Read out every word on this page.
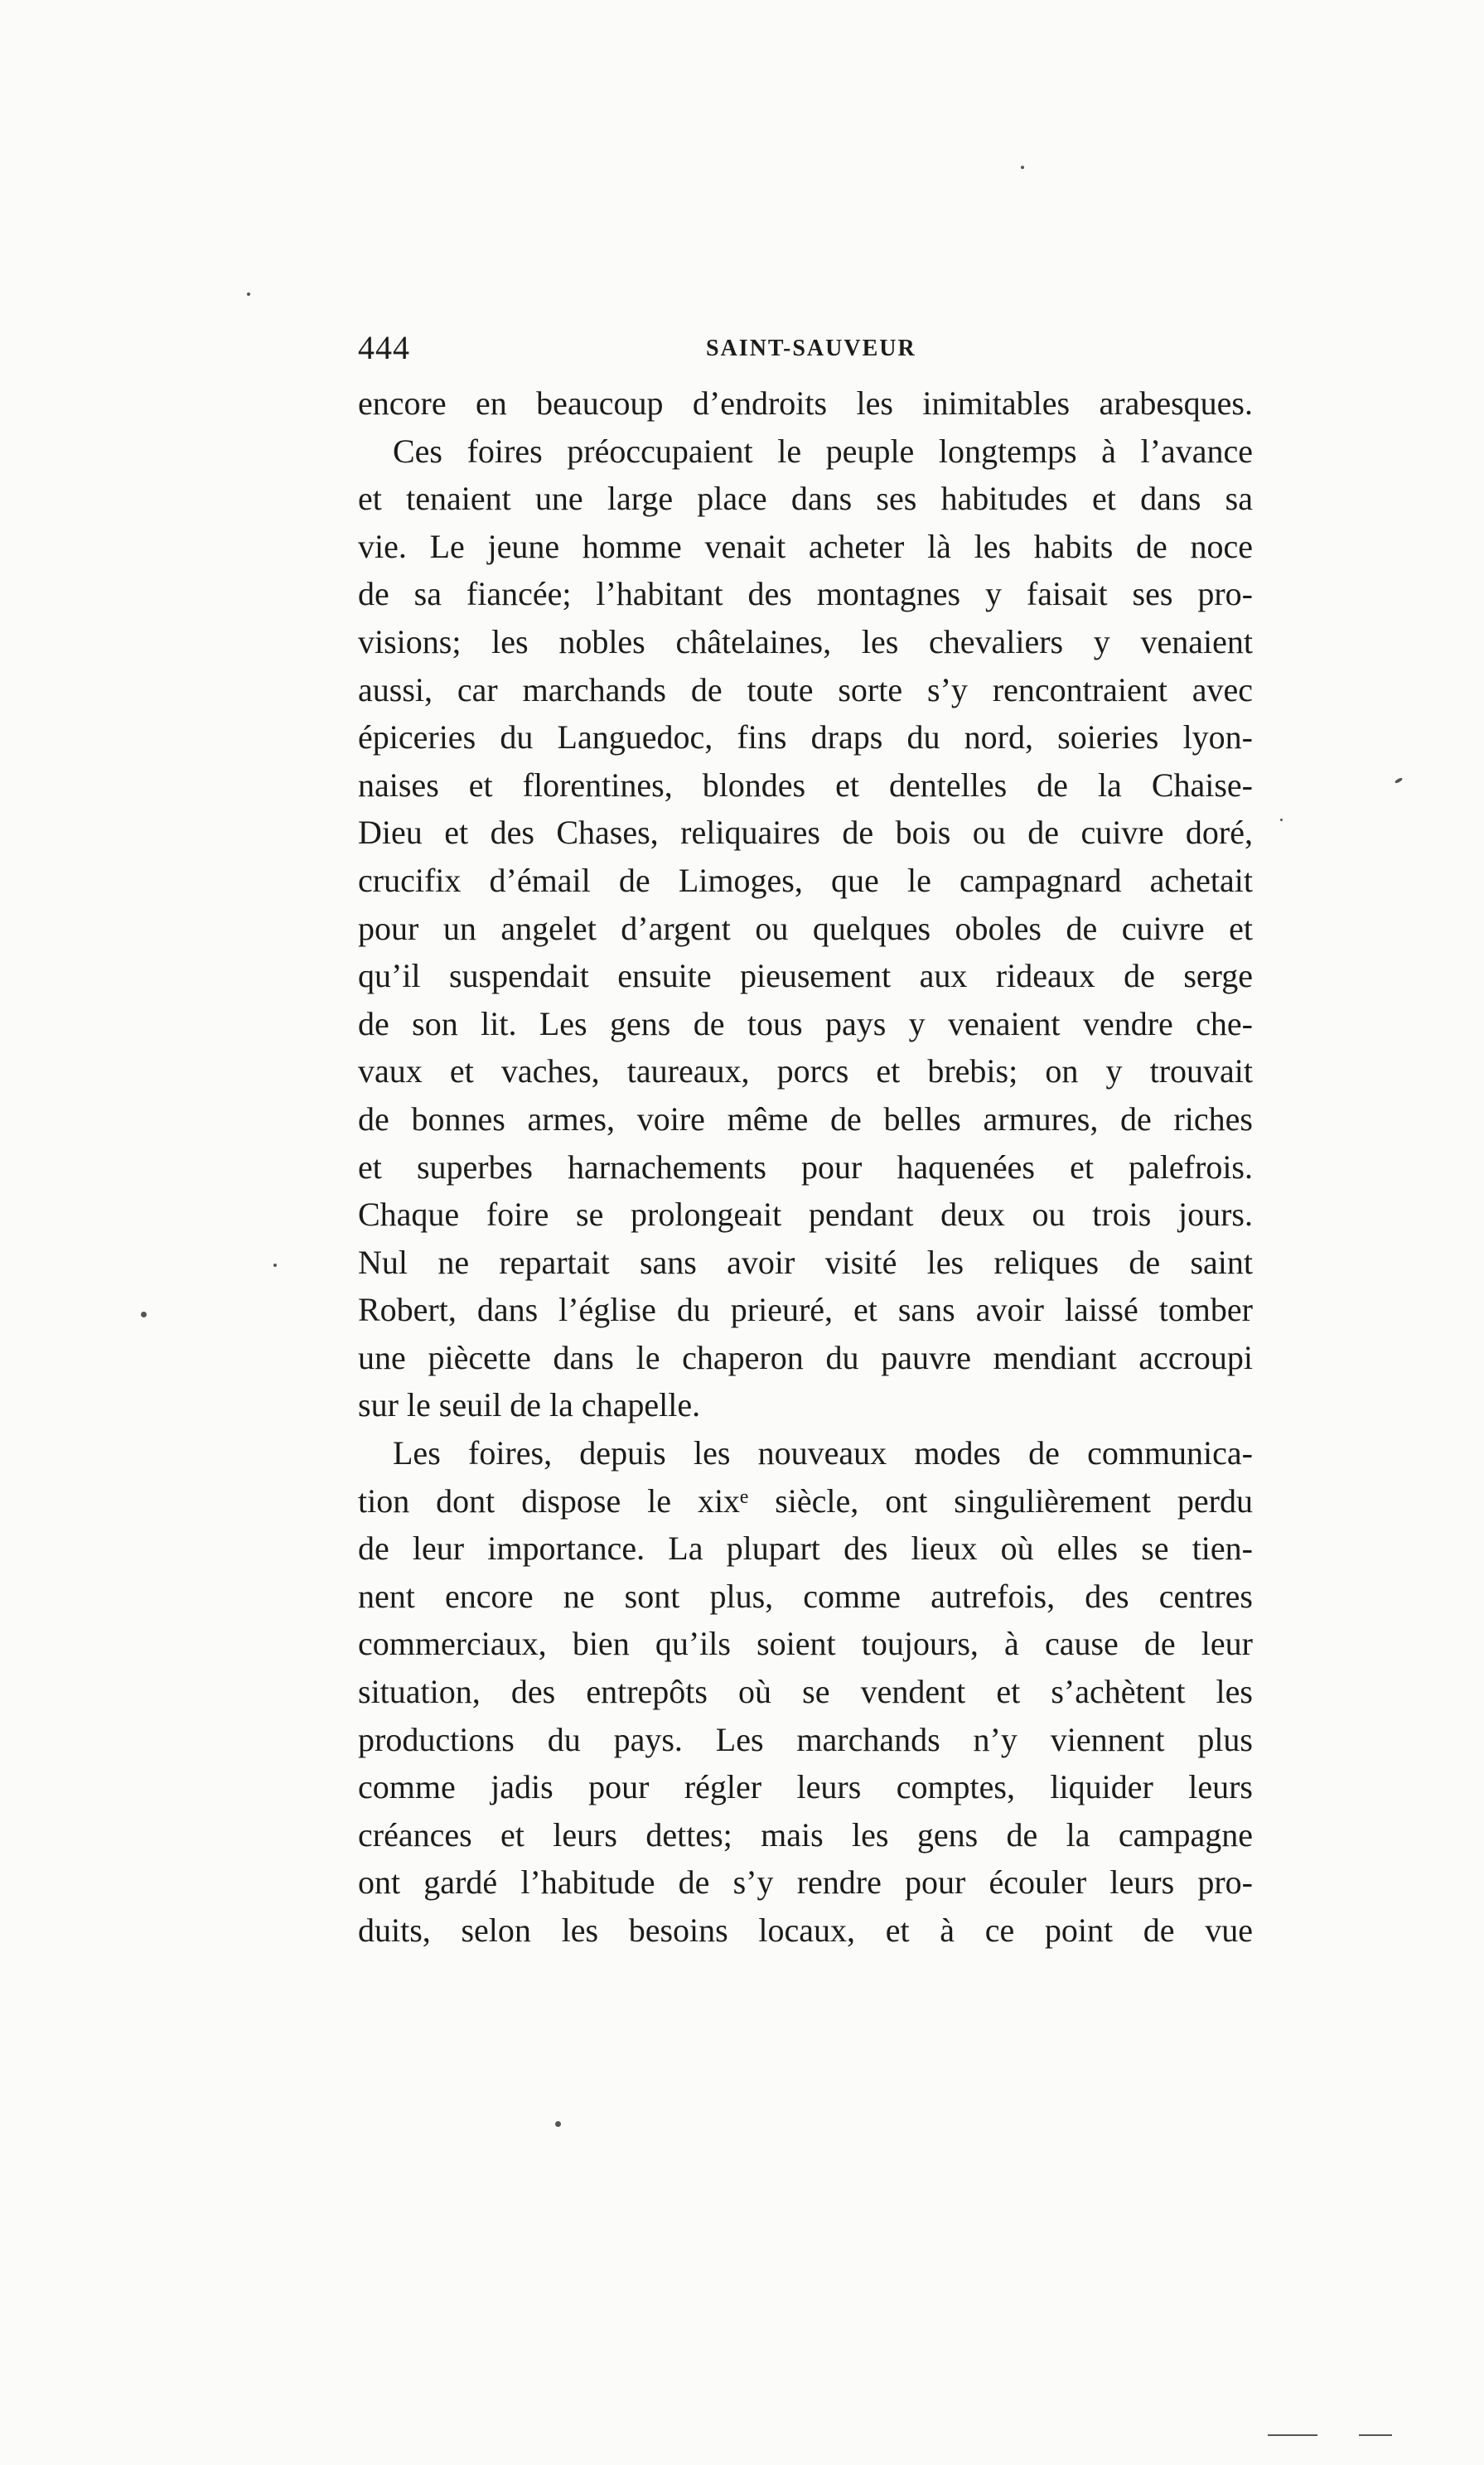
444	SAINT-SAUVEUR
encore en beaucoup d’endroits les inimitables arabesques.
Ces foires préoccupaient le peuple longtemps à l’avance
et tenaient une large place dans ses habitudes et dans sa
vie. Le jeune homme venait acheter là les habits de noce
de sa fiancée; l’habitant des montagnes y faisait ses pro-
visions; les nobles châtelaines, les chevaliers y venaient
aussi, car marchands de toute sorte s’y rencontraient avec
épiceries du Languedoc, fins draps du nord, soieries lyon-
naises et florentines, blondes et dentelles de la Chaise-
Dieu et des Chases, reliquaires de bois ou de cuivre doré,
crucifix d’émail de Limoges, que le campagnard achetait
pour un angelet d’argent ou quelques oboles de cuivre et
qu’il suspendait ensuite pieusement aux rideaux de serge
de son lit. Les gens de tous pays y venaient vendre che-
vaux et vaches, taureaux, porcs et brebis; on y trouvait
de bonnes armes, voire même de belles armures, de riches
et superbes harnachements pour haquenées et palefrois.
Chaque foire se prolongeait pendant deux ou trois jours.
Nul ne repartait sans avoir visité les reliques de saint
Robert, dans l’église du prieuré, et sans avoir laissé tomber
une piècette dans le chaperon du pauvre mendiant accroupi
sur le seuil de la chapelle.
Les foires, depuis les nouveaux modes de communica-
tion dont dispose le xixᵉ siècle, ont singulièrement perdu
de leur importance. La plupart des lieux où elles se tien-
nent encore ne sont plus, comme autrefois, des centres
commerciaux, bien qu’ils soient toujours, à cause de leur
situation, des entrepôts où se vendent et s’achètent les
productions du pays. Les marchands n’y viennent plus
comme jadis pour régler leurs comptes, liquider leurs
créances et leurs dettes; mais les gens de la campagne
ont gardé l’habitude de s’y rendre pour écouler leurs pro-
duits, selon les besoins locaux, et à ce point de vue
